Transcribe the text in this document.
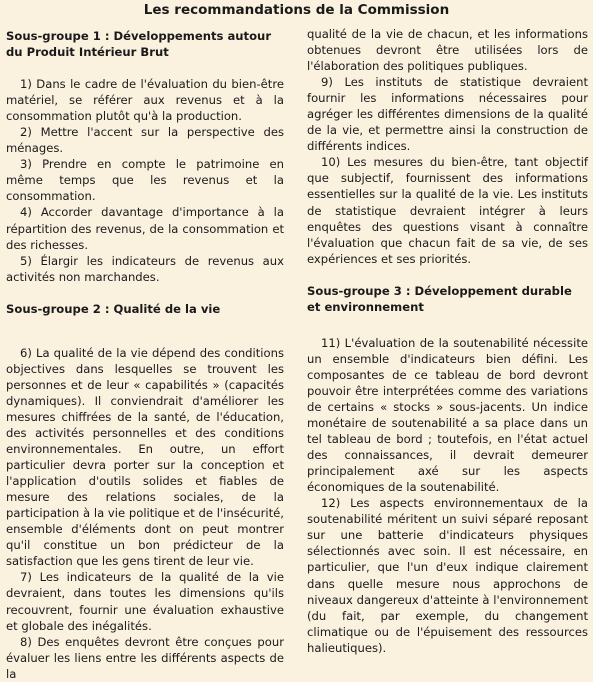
Les recommandations de la Commission
Sous-groupe 1 : Développements autour du Produit Intérieur Brut

1) Dans le cadre de l'évaluation du bien-être matériel, se référer aux revenus et à la consommation plutôt qu'à la production.

2) Mettre l'accent sur la perspective des ménages.

3) Prendre en compte le patrimoine en même temps que les revenus et la consommation.

4) Accorder davantage d'importance à la répartition des revenus, de la consommation et des richesses.

5) Élargir les indicateurs de revenus aux activités non marchandes.

Sous-groupe 2 : Qualité de la vie

6) La qualité de la vie dépend des conditions objectives dans lesquelles se trouvent les personnes et de leur « capabilités » (capacités dynamiques). Il conviendrait d'améliorer les mesures chiffrées de la santé, de l'éducation, des activités personnelles et des conditions environnementales. En outre, un effort particulier devra porter sur la conception et l'application d'outils solides et fiables de mesure des relations sociales, de la participation à la vie politique et de l'insécurité, ensemble d'éléments dont on peut montrer qu'il constitue un bon prédicteur de la satisfaction que les gens tirent de leur vie.

7) Les indicateurs de la qualité de la vie devraient, dans toutes les dimensions qu'ils recouvrent, fournir une évaluation exhaustive et globale des inégalités.

8) Des enquêtes devront être conçues pour évaluer les liens entre les différents aspects de la

qualité de la vie de chacun, et les informations obtenues devront être utilisées lors de l'élaboration des politiques publiques.

9) Les instituts de statistique devraient fournir les informations nécessaires pour agréger les différentes dimensions de la qualité de la vie, et permettre ainsi la construction de différents indices.

10) Les mesures du bien-être, tant objectif que subjectif, fournissent des informations essentielles sur la qualité de la vie. Les instituts de statistique devraient intégrer à leurs enquêtes des questions visant à connaître l'évaluation que chacun fait de sa vie, de ses expériences et ses priorités.

Sous-groupe 3 : Développement durable et environnement

11) L'évaluation de la soutenabilité nécessite un ensemble d'indicateurs bien défini. Les composantes de ce tableau de bord devront pouvoir être interprétées comme des variations de certains « stocks » sous-jacents. Un indice monétaire de soutenabilité a sa place dans un tel tableau de bord ; toutefois, en l'état actuel des connaissances, il devrait demeurer principalement axé sur les aspects économiques de la soutenabilité.

12) Les aspects environnementaux de la soutenabilité méritent un suivi séparé reposant sur une batterie d'indicateurs physiques sélectionnés avec soin. Il est nécessaire, en particulier, que l'un d'eux indique clairement dans quelle mesure nous approchons de niveaux dangereux d'atteinte à l'environnement (du fait, par exemple, du changement climatique ou de l'épuisement des ressources halieutiques).
